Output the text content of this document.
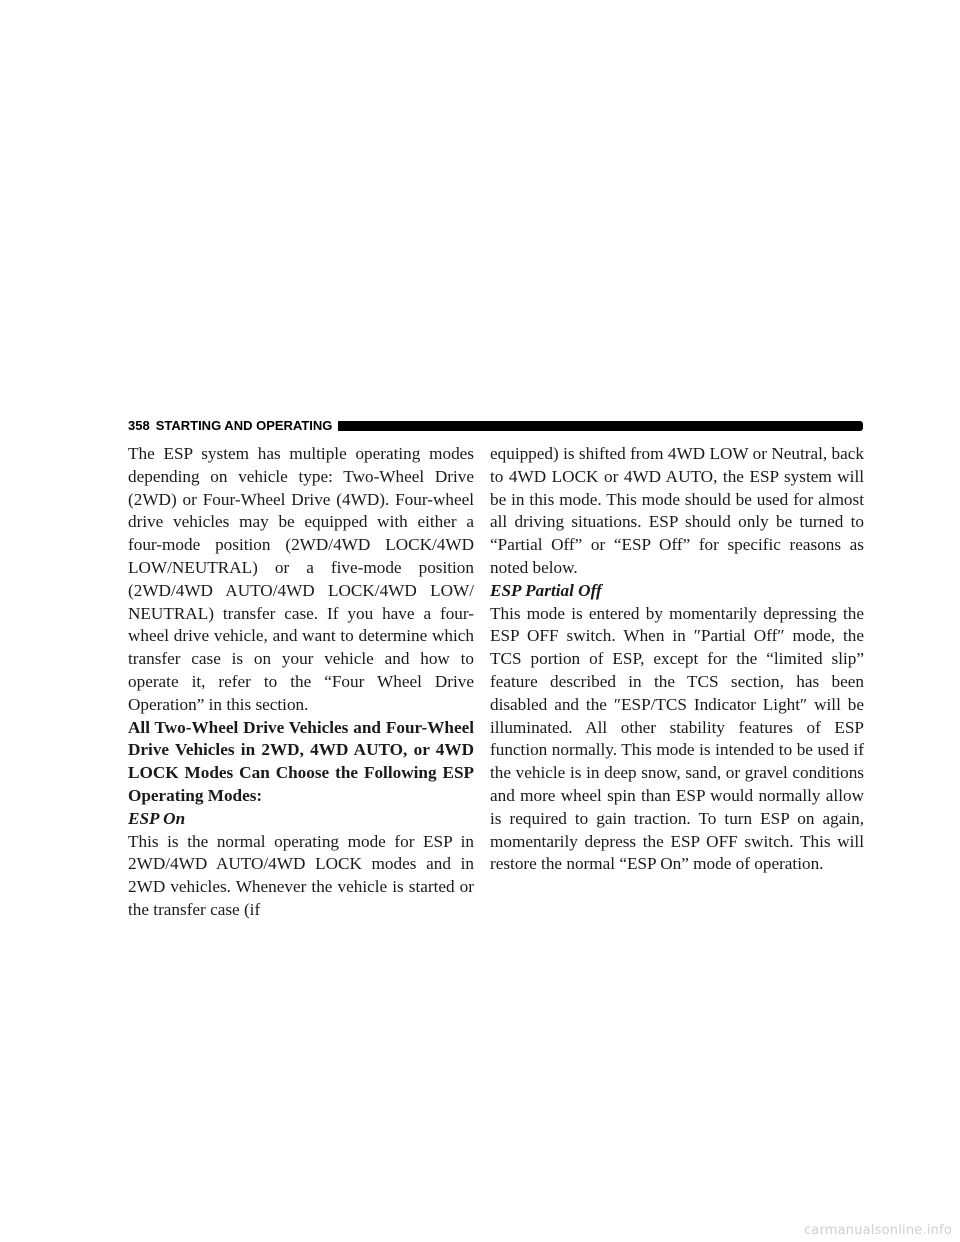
358 STARTING AND OPERATING

The ESP system has multiple operating modes depending on vehicle type: Two-Wheel Drive (2WD) or Four-Wheel Drive (4WD). Four-wheel drive vehicles may be equipped with either a four-mode position (2WD/4WD LOCK/4WD LOW/NEUTRAL) or a five-mode position (2WD/4WD AUTO/4WD LOCK/4WD LOW/ NEUTRAL) transfer case. If you have a four-wheel drive vehicle, and want to determine which transfer case is on your vehicle and how to operate it, refer to the “Four Wheel Drive Operation” in this section.

All Two-Wheel Drive Vehicles and Four-Wheel Drive Vehicles in 2WD, 4WD AUTO, or 4WD LOCK Modes Can Choose the Following ESP Operating Modes:

ESP On

This is the normal operating mode for ESP in 2WD/4WD AUTO/4WD LOCK modes and in 2WD vehicles. Whenever the vehicle is started or the transfer case (if

equipped) is shifted from 4WD LOW or Neutral, back to 4WD LOCK or 4WD AUTO, the ESP system will be in this mode. This mode should be used for almost all driving situations. ESP should only be turned to “Partial Off” or “ESP Off” for specific reasons as noted below.

ESP Partial Off

This mode is entered by momentarily depressing the ESP OFF switch. When in ″Partial Off″ mode, the TCS portion of ESP, except for the “limited slip” feature described in the TCS section, has been disabled and the ″ESP/TCS Indicator Light″ will be illuminated. All other stability features of ESP function normally. This mode is intended to be used if the vehicle is in deep snow, sand, or gravel conditions and more wheel spin than ESP would normally allow is required to gain traction. To turn ESP on again, momentarily depress the ESP OFF switch. This will restore the normal “ESP On” mode of operation.

carmanualsonline.info
